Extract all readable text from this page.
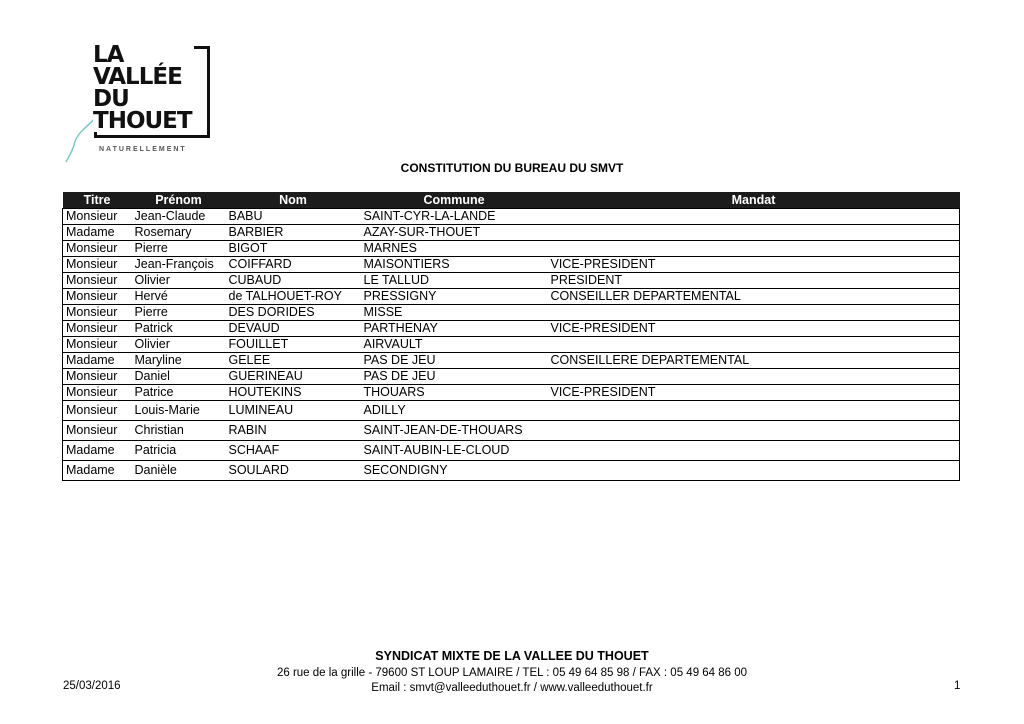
LA
VALLÉE
DU
THOUET
NATURELLEMENT
CONSTITUTION DU BUREAU DU SMVT
Titre	Prénom	Nom	Commune	Mandat
Monsieur	Jean-Claude	BABU	SAINT-CYR-LA-LANDE	
Madame	Rosemary	BARBIER	AZAY-SUR-THOUET	
Monsieur	Pierre	BIGOT	MARNES	
Monsieur	Jean-François	COIFFARD	MAISONTIERS	VICE-PRESIDENT
Monsieur	Olivier	CUBAUD	LE TALLUD	PRESIDENT
Monsieur	Hervé	de TALHOUET-ROY	PRESSIGNY	CONSEILLER DEPARTEMENTAL
Monsieur	Pierre	DES DORIDES	MISSE	
Monsieur	Patrick	DEVAUD	PARTHENAY	VICE-PRESIDENT
Monsieur	Olivier	FOUILLET	AIRVAULT	
Madame	Maryline	GELEE	PAS DE JEU	CONSEILLERE DEPARTEMENTAL
Monsieur	Daniel	GUERINEAU	PAS DE JEU	
Monsieur	Patrice	HOUTEKINS	THOUARS	VICE-PRESIDENT
Monsieur	Louis-Marie	LUMINEAU	ADILLY	
Monsieur	Christian	RABIN	SAINT-JEAN-DE-THOUARS	
Madame	Patricia	SCHAAF	SAINT-AUBIN-LE-CLOUD	
Madame	Danièle	SOULARD	SECONDIGNY	
SYNDICAT MIXTE DE LA VALLEE DU THOUET
26 rue de la grille - 79600 ST LOUP LAMAIRE / TEL : 05 49 64 85 98 / FAX : 05 49 64 86 00
Email : smvt@valleeduthouet.fr / www.valleeduthouet.fr
25/03/2016	1
